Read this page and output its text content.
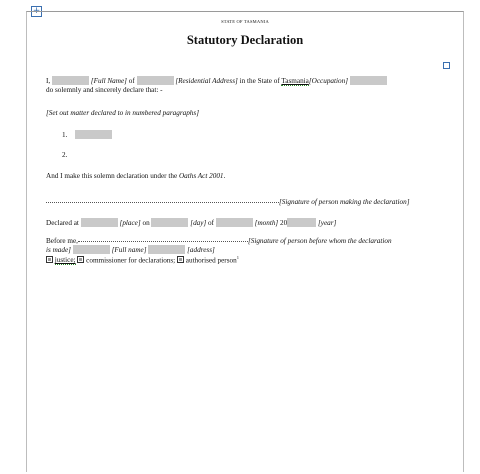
+
STATE OF TASMANIA
Statutory Declaration
I,	[Full Name] of	[Residential Address] in the State of Tasmania[Occupation]
do solemnly and sincerely declare that: -
[Set out matter declared to in numbered paragraphs]
1.
2.
And I make this solemn declaration under the Oaths Act 2001.
[Signature of person making the declaration]
Declared at	[place] on	[day] of	[month] 20	[year]
Before me,	[Signature of person before whom the declaration
is made]	[Full name]	[address]
justice; commissioner for declarations; authorised person$^1$
